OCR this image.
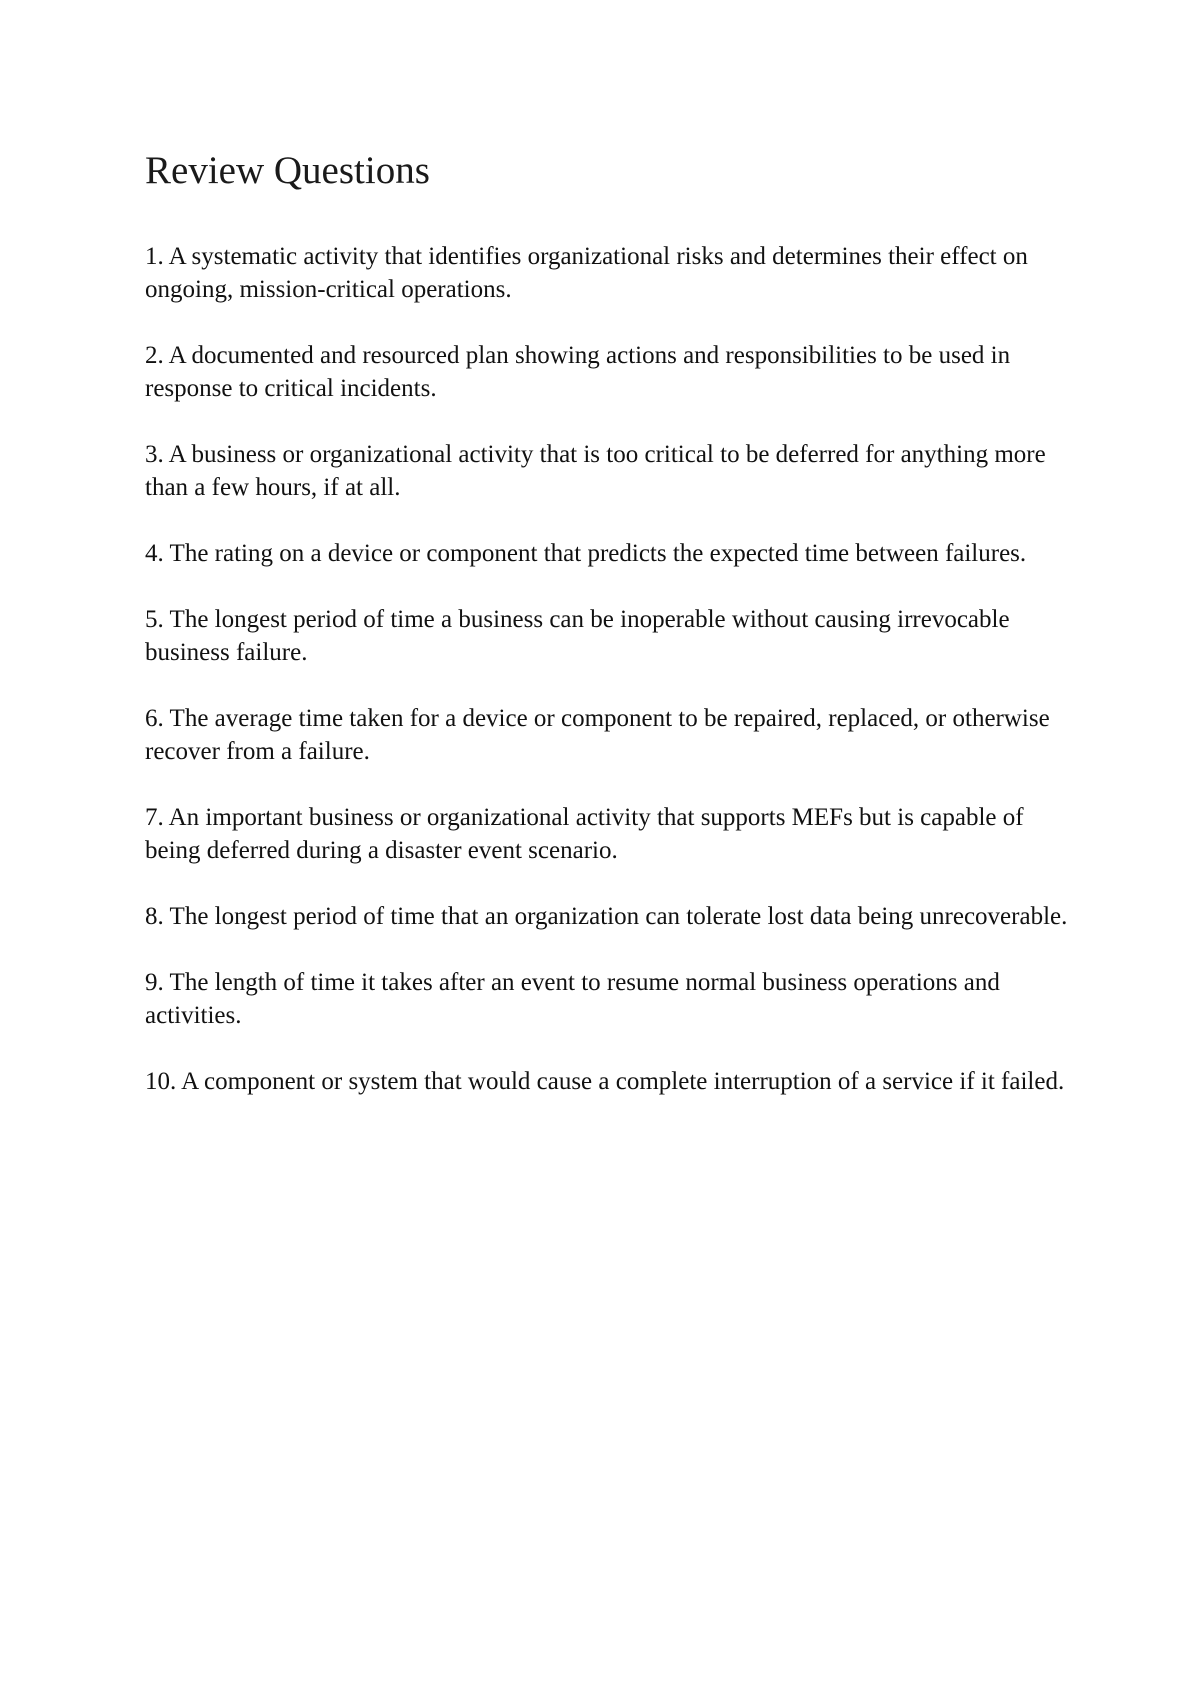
Review Questions
1. A systematic activity that identifies organizational risks and determines their effect on ongoing, mission-critical operations.
2. A documented and resourced plan showing actions and responsibilities to be used in response to critical incidents.
3. A business or organizational activity that is too critical to be deferred for anything more than a few hours, if at all.
4. The rating on a device or component that predicts the expected time between failures.
5. The longest period of time a business can be inoperable without causing irrevocable business failure.
6. The average time taken for a device or component to be repaired, replaced, or otherwise recover from a failure.
7. An important business or organizational activity that supports MEFs but is capable of being deferred during a disaster event scenario.
8. The longest period of time that an organization can tolerate lost data being unrecoverable.
9. The length of time it takes after an event to resume normal business operations and activities.
10. A component or system that would cause a complete interruption of a service if it failed.
